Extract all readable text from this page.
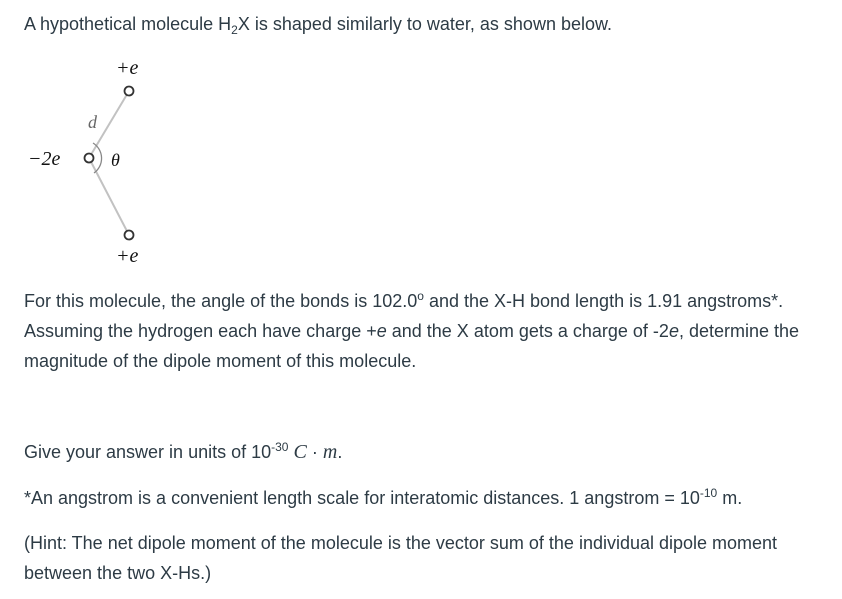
A hypothetical molecule $H_2X$ is shaped similarly to water, as shown below.
+e
d
−2e	θ
+e
For this molecule, the angle of the bonds is 102.0$^o$ and the X-H bond length is 1.91 angstroms*. Assuming the hydrogen each have charge +e and the X atom gets a charge of -2e, determine the magnitude of the dipole moment of this molecule.
Give your answer in units of $10^{-30}$ C · m.
*An angstrom is a convenient length scale for interatomic distances. 1 angstrom = $10^{-10}$ m.
(Hint: The net dipole moment of the molecule is the vector sum of the individual dipole moment between the two X-Hs.)
